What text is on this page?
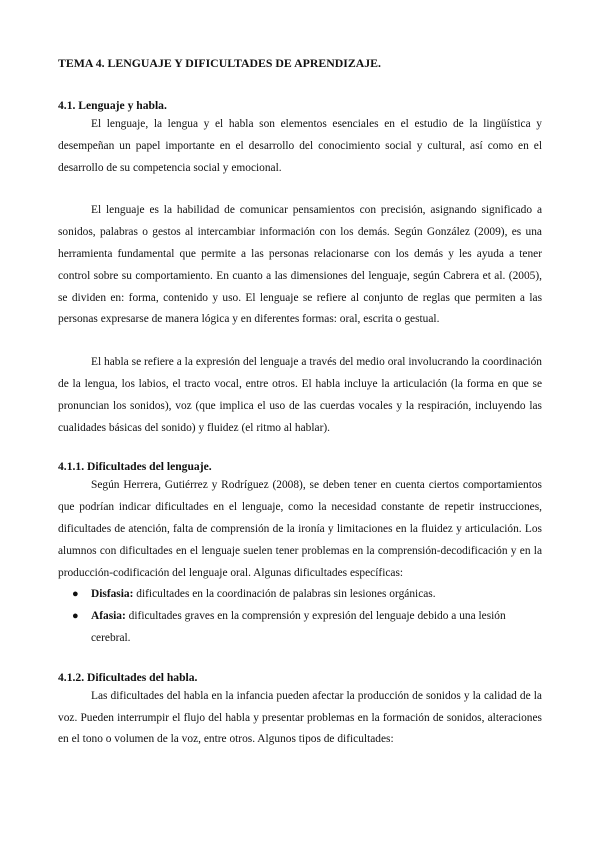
TEMA 4. LENGUAJE Y DIFICULTADES DE APRENDIZAJE.
4.1. Lenguaje y habla.

El lenguaje, la lengua y el habla son elementos esenciales en el estudio de la lingüística y desempeñan un papel importante en el desarrollo del conocimiento social y cultural, así como en el desarrollo de su competencia social y emocional.

El lenguaje es la habilidad de comunicar pensamientos con precisión, asignando significado a sonidos, palabras o gestos al intercambiar información con los demás. Según González (2009), es una herramienta fundamental que permite a las personas relacionarse con los demás y les ayuda a tener control sobre su comportamiento. En cuanto a las dimensiones del lenguaje, según Cabrera et al. (2005), se dividen en: forma, contenido y uso. El lenguaje se refiere al conjunto de reglas que permiten a las personas expresarse de manera lógica y en diferentes formas: oral, escrita o gestual.

El habla se refiere a la expresión del lenguaje a través del medio oral involucrando la coordinación de la lengua, los labios, el tracto vocal, entre otros. El habla incluye la articulación (la forma en que se pronuncian los sonidos), voz (que implica el uso de las cuerdas vocales y la respiración, incluyendo las cualidades básicas del sonido) y fluidez (el ritmo al hablar).

4.1.1. Dificultades del lenguaje.

Según Herrera, Gutiérrez y Rodríguez (2008), se deben tener en cuenta ciertos comportamientos que podrían indicar dificultades en el lenguaje, como la necesidad constante de repetir instrucciones, dificultades de atención, falta de comprensión de la ironía y limitaciones en la fluidez y articulación. Los alumnos con dificultades en el lenguaje suelen tener problemas en la comprensión-decodificación y en la producción-codificación del lenguaje oral. Algunas dificultades específicas:

● Disfasia: dificultades en la coordinación de palabras sin lesiones orgánicas.
● Afasia: dificultades graves en la comprensión y expresión del lenguaje debido a una lesión cerebral.
4.1.2. Dificultades del habla.

Las dificultades del habla en la infancia pueden afectar la producción de sonidos y la calidad de la voz. Pueden interrumpir el flujo del habla y presentar problemas en la formación de sonidos, alteraciones en el tono o volumen de la voz, entre otros. Algunos tipos de dificultades:
